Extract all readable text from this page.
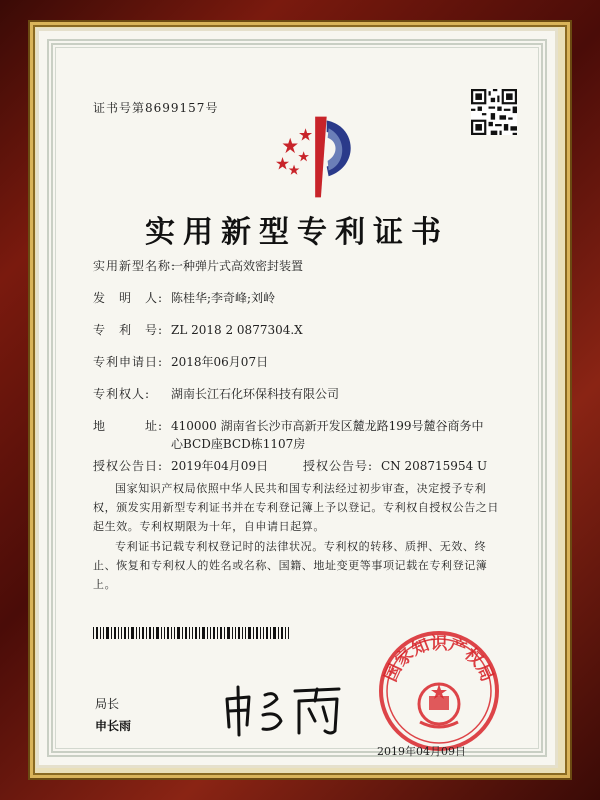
证书号第8699157号
实用新型专利证书
实用新型名称:一种弹片式高效密封装置
发　明　人: 陈桂华;李奇峰;刘岭
专　利　号: ZL 2018 2 0877304.X
专利申请日: 2018年06月07日
专利权人: 湖南长江石化环保科技有限公司
地　　　址: 410000 湖南省长沙市高新开发区麓龙路199号麓谷商务中
心BCD座BCD栋1107房
授权公告日: 2019年04月09日	授权公告号: CN 208715954 U
国家知识产权局依照中华人民共和国专利法经过初步审查，决定授予专利权，颁发实用新型专利证书并在专利登记簿上予以登记。专利权自授权公告之日起生效。专利权期限为十年，自申请日起算。
专利证书记载专利权登记时的法律状况。专利权的转移、质押、无效、终止、恢复和专利权人的姓名或名称、国籍、地址变更等事项记载在专利登记簿上。
局长
申长雨
国家知识产权局
2019年04月09日
